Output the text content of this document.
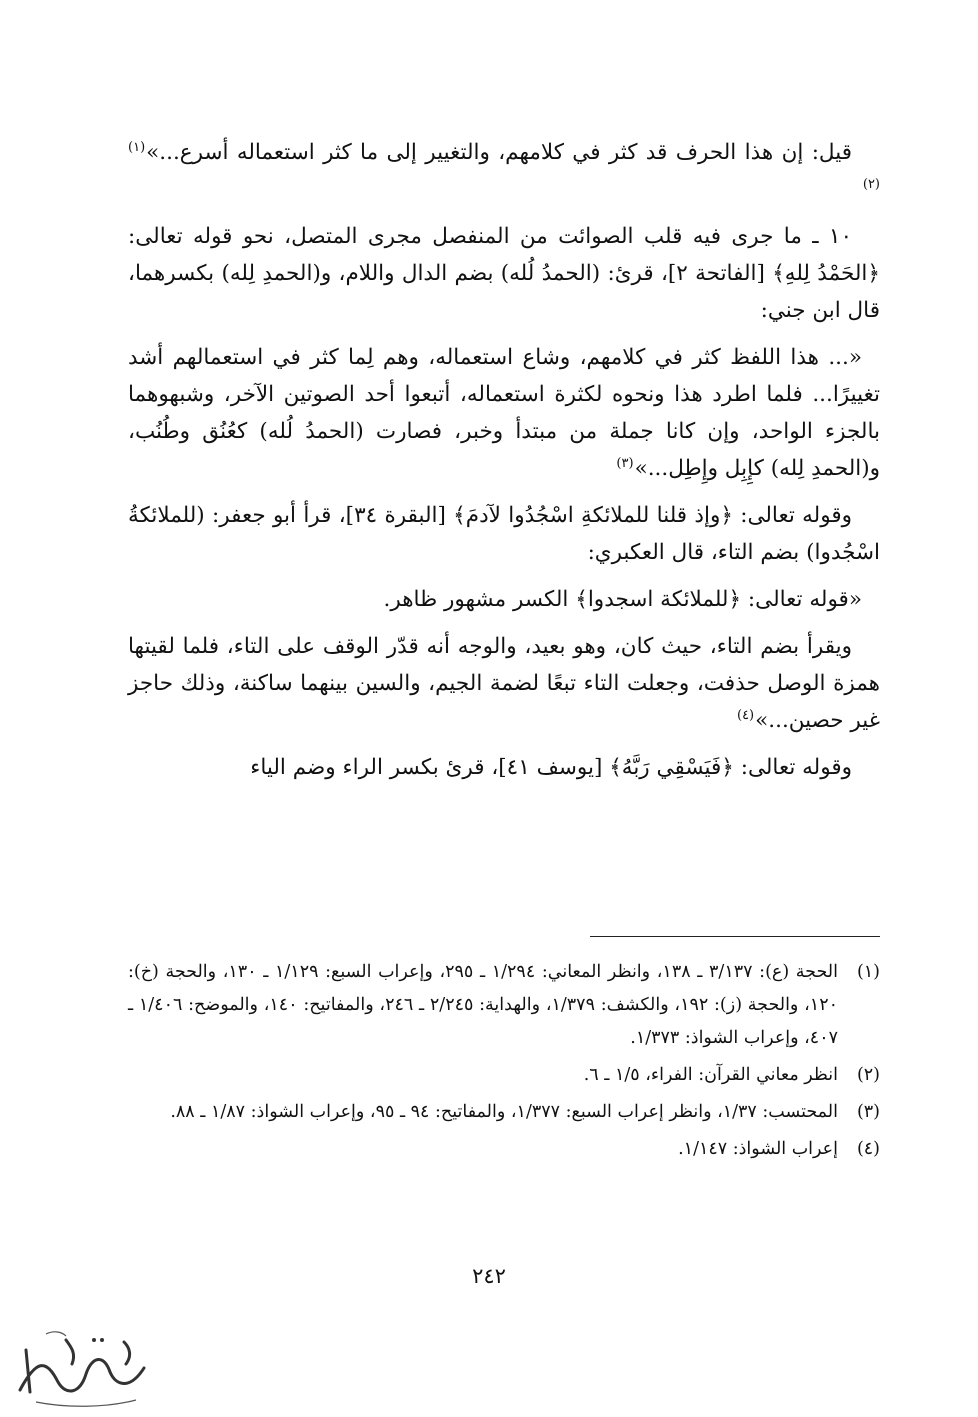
قيل: إن هذا الحرف قد كثر في كلامهم، والتغيير إلى ما كثر استعماله أسرع...»$^{(١) (٢)}$

١٠ ـ ما جرى فيه قلب الصوائت من المنفصل مجرى المتصل، نحو قوله تعالى: ﴿الحَمْدُ لِلهِ﴾ [الفاتحة ٢]، قرئ: (الحمدُ لُله) بضم الدال واللام، و(الحمدِ لِله) بكسرهما، قال ابن جني:

«... هذا اللفظ كثر في كلامهم، وشاع استعماله، وهم لِما كثر في استعمالهم أشد تغييرًا... فلما اطرد هذا ونحوه لكثرة استعماله، أتبعوا أحد الصوتين الآخر، وشبهوهما بالجزء الواحد، وإن كانا جملة من مبتدأ وخبر، فصارت (الحمدُ لُله) كعُنُق وطُنُب، و(الحمدِ لِله) كإِبِل وإِطِل...»$^{(٣)}$

وقوله تعالى: ﴿وإذ قلنا للملائكةِ اسْجُدُوا لآدمَ﴾ [البقرة ٣٤]، قرأ أبو جعفر: (للملائكةُ اسْجُدوا) بضم التاء، قال العكبري:

«قوله تعالى: ﴿للملائكة اسجدوا﴾ الكسر مشهور ظاهر.

ويقرأ بضم التاء، حيث كان، وهو بعيد، والوجه أنه قدّر الوقف على التاء، فلما لقيتها همزة الوصل حذفت، وجعلت التاء تبعًا لضمة الجيم، والسين بينهما ساكنة، وذلك حاجز غير حصين...»$^{(٤)}$

وقوله تعالى: ﴿فَيَسْقِي رَبَّهُ﴾ [يوسف ٤١]، قرئ بكسر الراء وضم الياء

(١)
الحجة (ع): ٣/١٣٧ ـ ١٣٨، وانظر المعاني: ١/٢٩٤ ـ ٢٩٥، وإعراب السبع: ١/١٢٩ ـ ١٣٠، والحجة (خ): ١٢٠، والحجة (ز): ١٩٢، والكشف: ١/٣٧٩، والهداية: ٢/٢٤٥ ـ ٢٤٦، والمفاتيح: ١٤٠، والموضح: ١/٤٠٦ ـ ٤٠٧، وإعراب الشواذ: ١/٣٧٣.
(٢)
انظر معاني القرآن: الفراء، ١/٥ ـ ٦.
(٣)
المحتسب: ١/٣٧، وانظر إعراب السبع: ١/٣٧٧، والمفاتيح: ٩٤ ـ ٩٥، وإعراب الشواذ: ١/٨٧ ـ ٨٨.
(٤)
إعراب الشواذ: ١/١٤٧.
٢٤٢
